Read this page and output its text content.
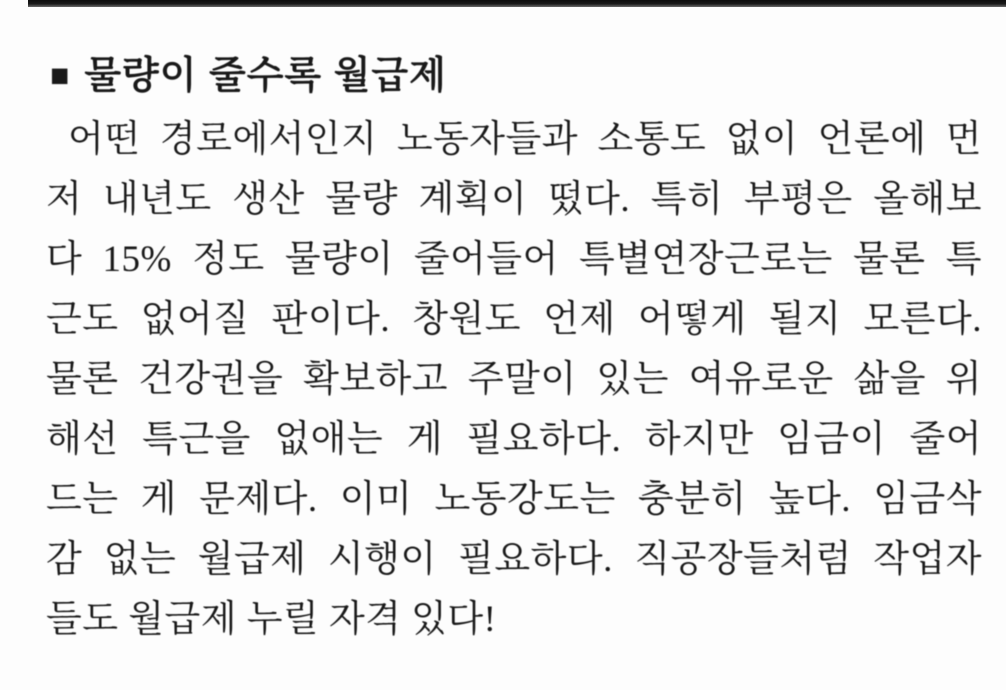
■ 물량이 줄수록 월급제
어떤 경로에서인지 노동자들과 소통도 없이 언론에 먼
저 내년도 생산 물량 계획이 떴다. 특히 부평은 올해보
다 15% 정도 물량이 줄어들어 특별연장근로는 물론 특
근도 없어질 판이다. 창원도 언제 어떻게 될지 모른다.
물론 건강권을 확보하고 주말이 있는 여유로운 삶을 위
해선 특근을 없애는 게 필요하다. 하지만 임금이 줄어
드는 게 문제다. 이미 노동강도는 충분히 높다. 임금삭
감 없는 월급제 시행이 필요하다. 직공장들처럼 작업자
들도 월급제 누릴 자격 있다!
